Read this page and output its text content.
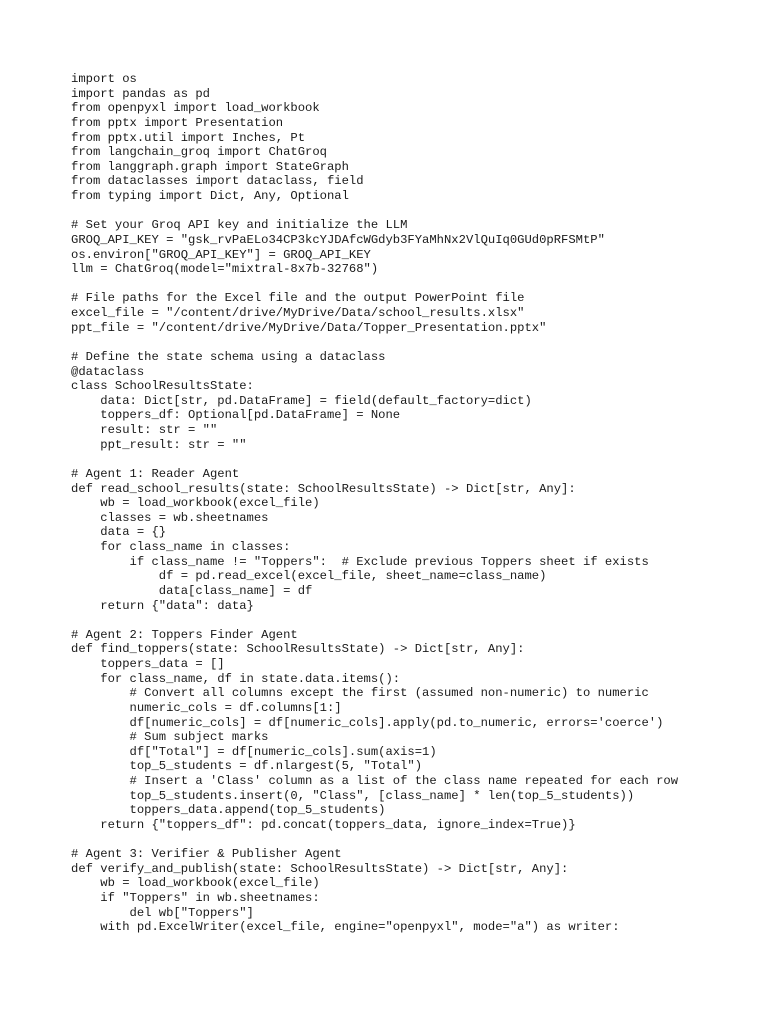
import os
import pandas as pd
from openpyxl import load_workbook
from pptx import Presentation
from pptx.util import Inches, Pt
from langchain_groq import ChatGroq
from langgraph.graph import StateGraph
from dataclasses import dataclass, field
from typing import Dict, Any, Optional
# Set your Groq API key and initialize the LLM
GROQ_API_KEY = "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"
os.environ["GROQ_API_KEY"] = GROQ_API_KEY
llm = ChatGroq(model="mixtral-8x7b-32768")
# File paths for the Excel file and the output PowerPoint file
excel_file = "/content/drive/MyDrive/Data/school_results.xlsx"
ppt_file = "/content/drive/MyDrive/Data/Topper_Presentation.pptx"
# Define the state schema using a dataclass
@dataclass
class SchoolResultsState:
data: Dict[str, pd.DataFrame] = field(default_factory=dict)
toppers_df: Optional[pd.DataFrame] = None
result: str = ""
ppt_result: str = ""
# Agent 1: Reader Agent
def read_school_results(state: SchoolResultsState) -> Dict[str, Any]:
wb = load_workbook(excel_file)
classes = wb.sheetnames
data = {}
for class_name in classes:
if class_name != "Toppers":  # Exclude previous Toppers sheet if exists
df = pd.read_excel(excel_file, sheet_name=class_name)
data[class_name] = df
return {"data": data}
# Agent 2: Toppers Finder Agent
def find_toppers(state: SchoolResultsState) -> Dict[str, Any]:
toppers_data = []
for class_name, df in state.data.items():
# Convert all columns except the first (assumed non-numeric) to numeric
numeric_cols = df.columns[1:]
df[numeric_cols] = df[numeric_cols].apply(pd.to_numeric, errors='coerce')
# Sum subject marks
df["Total"] = df[numeric_cols].sum(axis=1)
top_5_students = df.nlargest(5, "Total")
# Insert a 'Class' column as a list of the class name repeated for each row
top_5_students.insert(0, "Class", [class_name] * len(top_5_students))
toppers_data.append(top_5_students)
return {"toppers_df": pd.concat(toppers_data, ignore_index=True)}
# Agent 3: Verifier & Publisher Agent
def verify_and_publish(state: SchoolResultsState) -> Dict[str, Any]:
wb = load_workbook(excel_file)
if "Toppers" in wb.sheetnames:
del wb["Toppers"]
with pd.ExcelWriter(excel_file, engine="openpyxl", mode="a") as writer:
